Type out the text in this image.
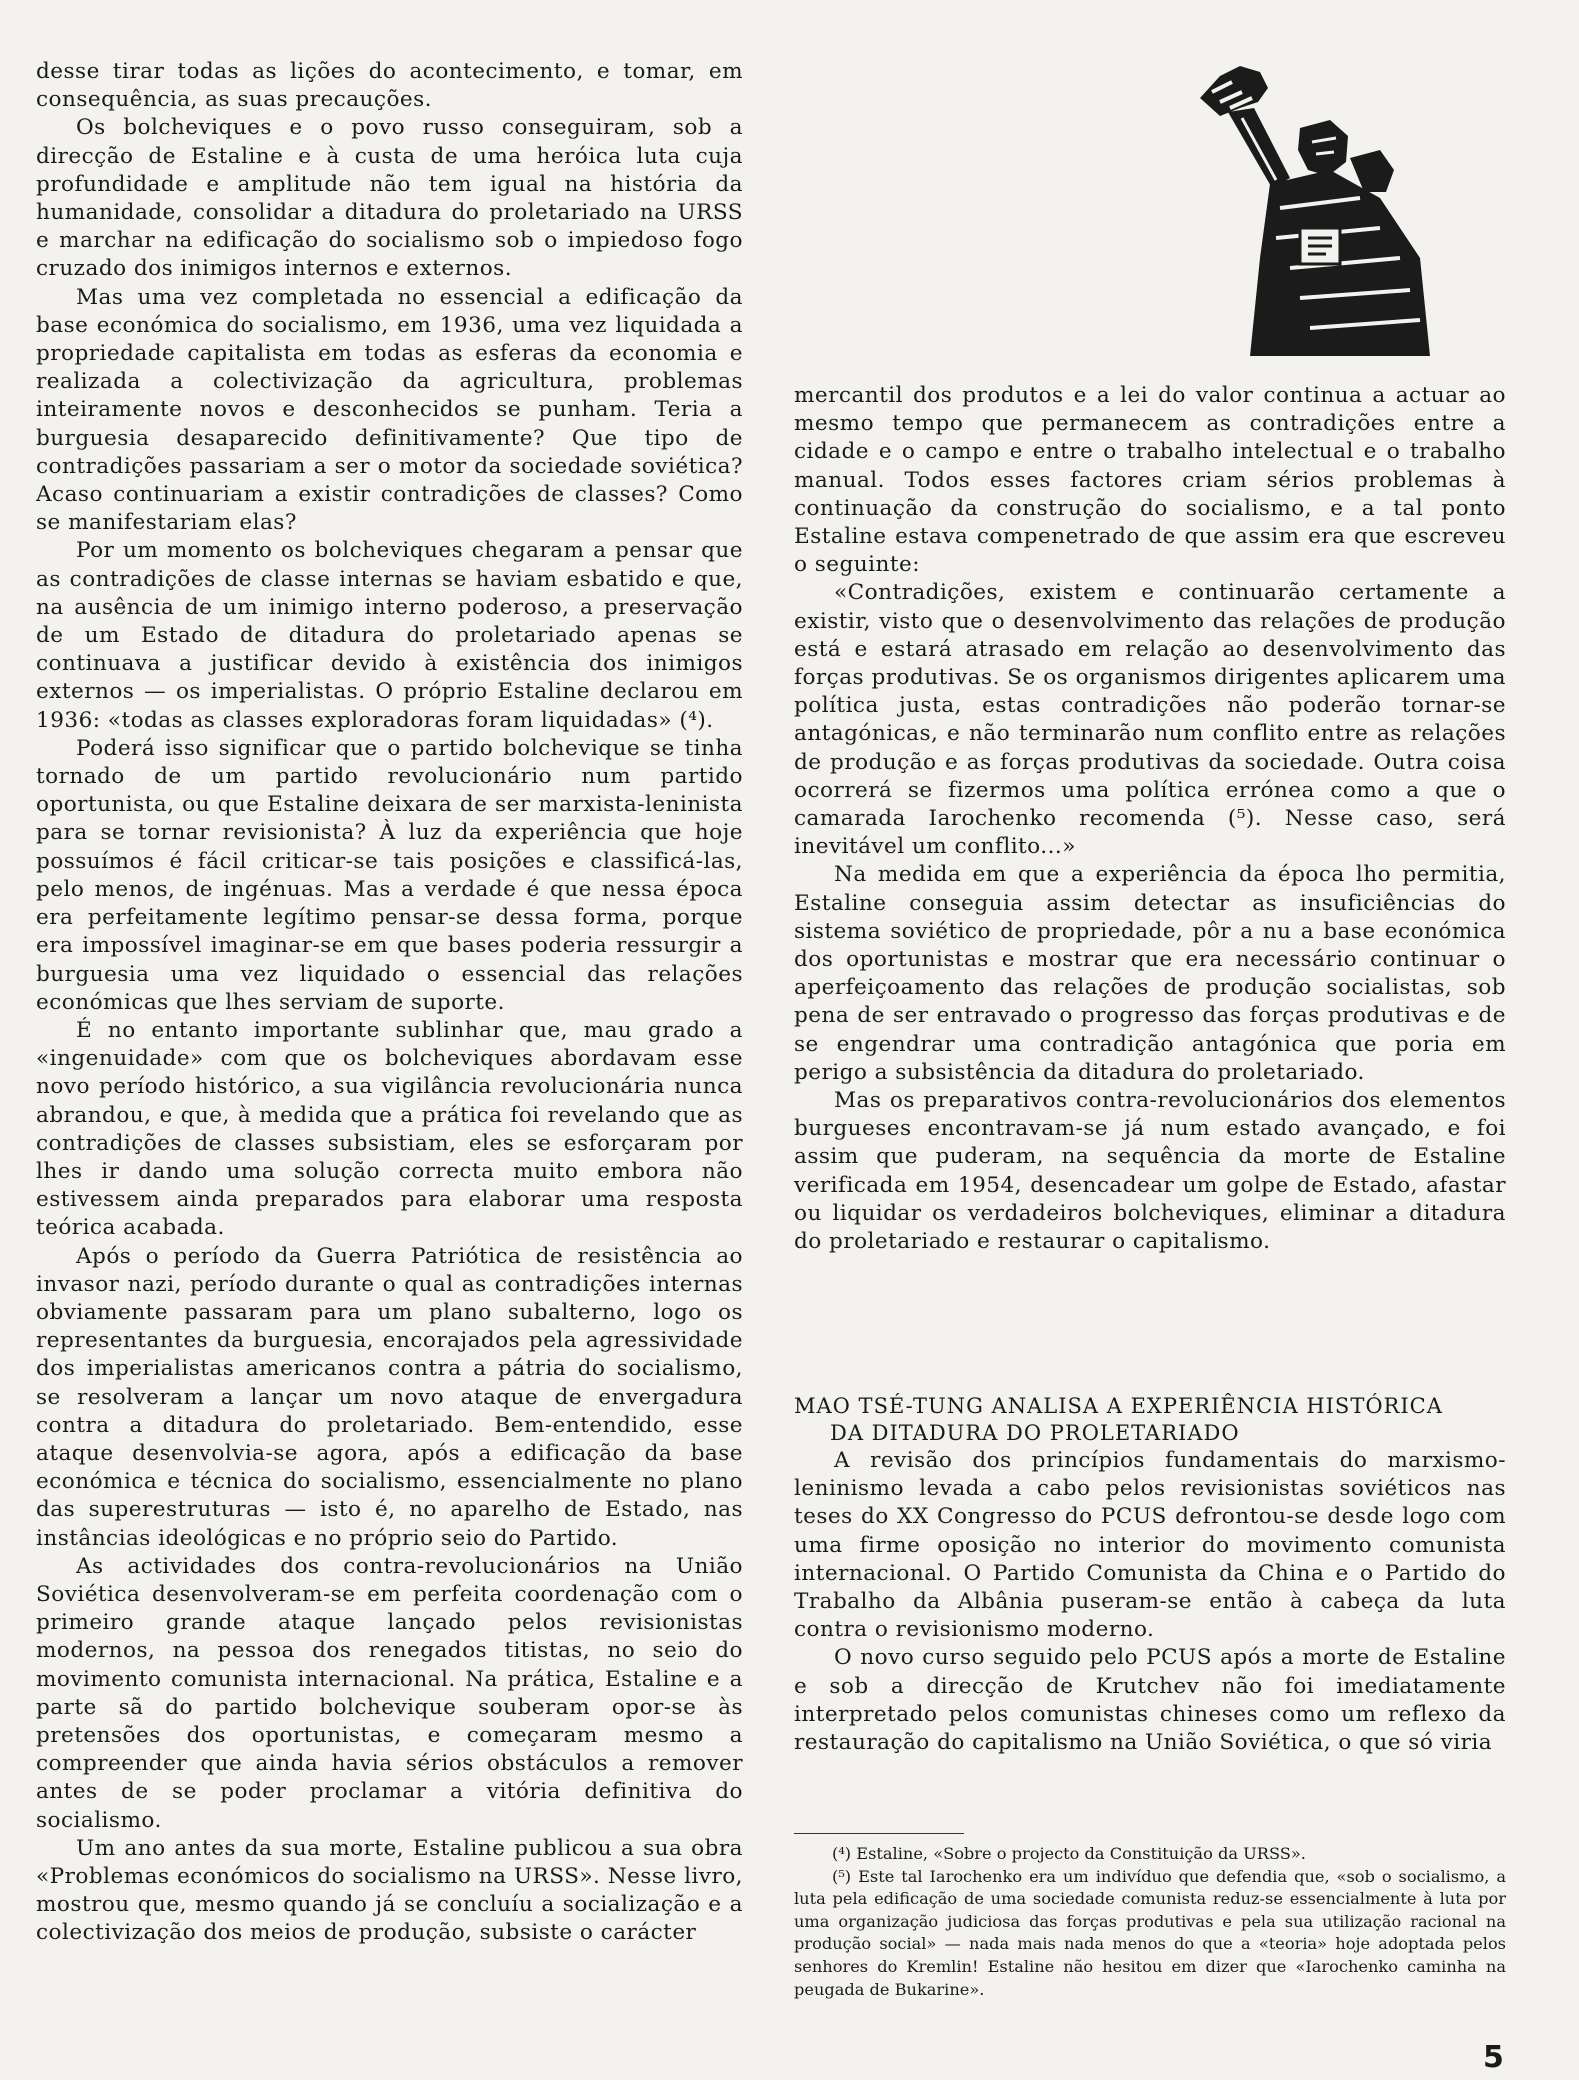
desse tirar todas as lições do acontecimento, e tomar, em consequência, as suas precauções.

Os bolcheviques e o povo russo conseguiram, sob a direcção de Estaline e à custa de uma heróica luta cuja profundidade e amplitude não tem igual na história da humanidade, consolidar a ditadura do proletariado na URSS e marchar na edificação do socialismo sob o impiedoso fogo cruzado dos inimigos internos e externos.

Mas uma vez completada no essencial a edificação da base económica do socialismo, em 1936, uma vez liquidada a propriedade capitalista em todas as esferas da economia e realizada a colectivização da agricultura, problemas inteiramente novos e desconhecidos se punham. Teria a burguesia desaparecido definitivamente? Que tipo de contradições passariam a ser o motor da sociedade soviética? Acaso continuariam a existir contradições de classes? Como se manifestariam elas?

Por um momento os bolcheviques chegaram a pensar que as contradições de classe internas se haviam esbatido e que, na ausência de um inimigo interno poderoso, a preservação de um Estado de ditadura do proletariado apenas se continuava a justificar devido à existência dos inimigos externos — os imperialistas. O próprio Estaline declarou em 1936: «todas as classes exploradoras foram liquidadas» (⁴).

Poderá isso significar que o partido bolchevique se tinha tornado de um partido revolucionário num partido oportunista, ou que Estaline deixara de ser marxista-leninista para se tornar revisionista? À luz da experiência que hoje possuímos é fácil criticar-se tais posições e classificá-las, pelo menos, de ingénuas. Mas a verdade é que nessa época era perfeitamente legítimo pensar-se dessa forma, porque era impossível imaginar-se em que bases poderia ressurgir a burguesia uma vez liquidado o essencial das relações económicas que lhes serviam de suporte.

É no entanto importante sublinhar que, mau grado a «ingenuidade» com que os bolcheviques abordavam esse novo período histórico, a sua vigilância revolucionária nunca abrandou, e que, à medida que a prática foi revelando que as contradições de classes subsistiam, eles se esforçaram por lhes ir dando uma solução correcta muito embora não estivessem ainda preparados para elaborar uma resposta teórica acabada.

Após o período da Guerra Patriótica de resistência ao invasor nazi, período durante o qual as contradições internas obviamente passaram para um plano subalterno, logo os representantes da burguesia, encorajados pela agressividade dos imperialistas americanos contra a pátria do socialismo, se resolveram a lançar um novo ataque de envergadura contra a ditadura do proletariado. Bem-entendido, esse ataque desenvolvia-se agora, após a edificação da base económica e técnica do socialismo, essencialmente no plano das superestruturas — isto é, no aparelho de Estado, nas instâncias ideológicas e no próprio seio do Partido.

As actividades dos contra-revolucionários na União Soviética desenvolveram-se em perfeita coordenação com o primeiro grande ataque lançado pelos revisionistas modernos, na pessoa dos renegados titistas, no seio do movimento comunista internacional. Na prática, Estaline e a parte sã do partido bolchevique souberam opor-se às pretensões dos oportunistas, e começaram mesmo a compreender que ainda havia sérios obstáculos a remover antes de se poder proclamar a vitória definitiva do socialismo.

Um ano antes da sua morte, Estaline publicou a sua obra «Problemas económicos do socialismo na URSS». Nesse livro, mostrou que, mesmo quando já se concluíu a socialização e a colectivização dos meios de produção, subsiste o carácter

mercantil dos produtos e a lei do valor continua a actuar ao mesmo tempo que permanecem as contradições entre a cidade e o campo e entre o trabalho intelectual e o trabalho manual. Todos esses factores criam sérios problemas à continuação da construção do socialismo, e a tal ponto Estaline estava compenetrado de que assim era que escreveu o seguinte:

«Contradições, existem e continuarão certamente a existir, visto que o desenvolvimento das relações de produção está e estará atrasado em relação ao desenvolvimento das forças produtivas. Se os organismos dirigentes aplicarem uma política justa, estas contradições não poderão tornar-se antagónicas, e não terminarão num conflito entre as relações de produção e as forças produtivas da sociedade. Outra coisa ocorrerá se fizermos uma política errónea como a que o camarada Iarochenko recomenda (⁵). Nesse caso, será inevitável um conflito...»

Na medida em que a experiência da época lho permitia, Estaline conseguia assim detectar as insuficiências do sistema soviético de propriedade, pôr a nu a base económica dos oportunistas e mostrar que era necessário continuar o aperfeiçoamento das relações de produção socialistas, sob pena de ser entravado o progresso das forças produtivas e de se engendrar uma contradição antagónica que poria em perigo a subsistência da ditadura do proletariado.

Mas os preparativos contra-revolucionários dos elementos burgueses encontravam-se já num estado avançado, e foi assim que puderam, na sequência da morte de Estaline verificada em 1954, desencadear um golpe de Estado, afastar ou liquidar os verdadeiros bolcheviques, eliminar a ditadura do proletariado e restaurar o capitalismo.

MAO TSÉ-TUNG ANALISA A EXPERIÊNCIA HISTÓRICA
DA DITADURA DO PROLETARIADO

A revisão dos princípios fundamentais do marxismo-leninismo levada a cabo pelos revisionistas soviéticos nas teses do XX Congresso do PCUS defrontou-se desde logo com uma firme oposição no interior do movimento comunista internacional. O Partido Comunista da China e o Partido do Trabalho da Albânia puseram-se então à cabeça da luta contra o revisionismo moderno.

O novo curso seguido pelo PCUS após a morte de Estaline e sob a direcção de Krutchev não foi imediatamente interpretado pelos comunistas chineses como um reflexo da restauração do capitalismo na União Soviética, o que só viria

(⁴) Estaline, «Sobre o projecto da Constituição da URSS».

(⁵) Este tal Iarochenko era um indivíduo que defendia que, «sob o socialismo, a luta pela edificação de uma sociedade comunista reduz-se essencialmente à luta por uma organização judiciosa das forças produtivas e pela sua utilização racional na produção social» — nada mais nada menos do que a «teoria» hoje adoptada pelos senhores do Kremlin! Estaline não hesitou em dizer que «Iarochenko caminha na peugada de Bukarine».

5
